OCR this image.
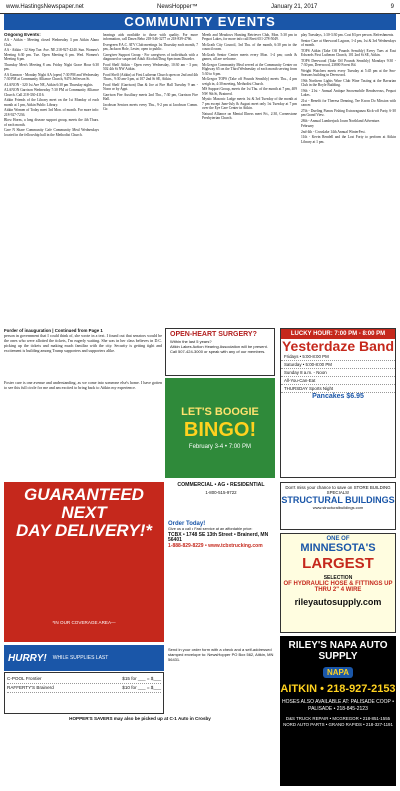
www.HastingsNewspaper.net	NewsHopper™	January 21, 2017	9
COMMUNITY EVENTS
Ongoing Events:

AA - Aitkin - Meeting closed Wednesday 3 pm Aitkin Alano Club.

AA - Aitkin - 12 Step Tue. Ave. NE 218-927-4240. Sun. Women's Meeting 6:30 pm. Tue. Open Meeting 6 pm. Wed. Women's Meeting 6 pm.

Thursday Men's Meeting 8 am. Friday Night Grace Hour 6:30 pm.

AA Gamson - Monday Night AA (open) 7:30 PM and Wednesday 7:30 PM at Community Alliance Church, 9476 Jefferson St.

ALANON - 320 1st Ave NE, Aitkin 6:30 pm Thursday nights.

ALANON Garrison Wednesday 7:30 PM at Community Alliance Church. Call 218-330-4116.

Aitkin Friends of the Library meet on the 1st Monday of each month at 1 pm, Aitkin Public Library.

Aitkin Women of Today meet 3rd Mon. of month. For more info: 218-927-7236.

Blow Horns, a long disease support group, meets the 4th Thurs. of each month.

Care N Share Community Cafe Community Meal Wednesdays located in the fellowship hall in the Methodist Church.

hearings aids available to those with quality. For more information, call Dawn Bebo 218-546-3277 or 218-839-4766.

Evergreen P.A.C. ATV Club meetings 1st Thursday each month, 7 pm, Jackson Hole, Lester, open to public.

Caregiver Support Group - For caregivers of individuals with a diagnosed or suspected Adult Alcohol/Drug Spectrum Disorder.

Food Shelf Aitkin - Open every Wednesday, 10:30 am - 3 pm; 502 4th St NW Aitkin.

Food Shelf (Aitkin) at First Lutheran Church open on 2nd and 4th Thurs., 9:30 am-3 pm, at 107 2nd St SE, Aitkin.

Food Shelf (Garrison) Dan & Joe at Fire Hall Tuesday 9 am - Noon or by Appt.

Garrison Fire Auxiliary meets 2nd Thu., 7:30 pm, Garrison Fire Hall.

Jacobson Seniors meets every Thu., 9-2 pm at Jacobson Comm. Ctr.

Meeth and Meadows Hunting Retriever Club, Mon. 5:30 pm in Pequot Lakes, for more info call Brett 651-278-5049.

McGrath City Council, 3rd Thu. of the month, 6:30 pm in the council room.

McGrath Senior Center meets every Mon. 1-4 pm; cards & games, all are welcome.

McGregor Community Meal served at the Community Center on Highway 65 on the Third Wednesday of each month serving from 5:30 to 6 pm.

McGregor TOPS (Take off Pounds Sensibly) meets Thu., 4 pm weigh in, 4:30 meeting, Methodist Church.

MS Support Group, meets the 1st Thu. of the month at 7 pm, 409 NW 9th St, Brainerd.

Mystic Masonic Lodge meets 1st & 3rd Tuesday of the month at 7 pm except June-July & August meet only 1st Tuesday at 7 pm over the Eye Care Center in Aitkin.

Natural Alliance on Mental Illness meet Fri., 2:30, Cornerstone Presbyterian Church.

play Tuesdays, 1:30-3:30 pm. Cost $3 per person. Refreshments.

Senior Care at Sherwood Lagoon, 1-4 pm, 1st & 3rd Wednesdays of month.

TOPS Aitkin (Take Off Pounds Sensibly) Every Tues at East Edwards First Lutheran Church, 101 2nd St SE, Aitkin.

TOPS Deerwood (Take Off Pounds Sensibly) Mondays 9:30 - 7:30 pm, Deerwood, 23800 Forest Rd.

Weight Watchers meets every Tuesday at 5:45 pm at the Sno-Seasons building in Deerwood.

19th Northern Lights Wine Club Wine Tasting at the Bavarian Club in the Boyle Building.

19th - 21st - Annual Antique Snowmobile Rendezvous, Pequot Lakes.

21st - Benefit for Theresa Denning, Tee Kwon Do Mission with cancer.

27th - Dueling Pianos Fishing Extravaganza Kick-off Party, 6-30 pm Grand View.

28th - Annual Lumberjack Journ Northland Adventure.

February

2nd-4th - Crosslake 14th Annual WinterFest.

11th - Kevin Rendell and the Lost Forty to perform at Aitkin Library at 1 pm.

Forder of inauguration | Continued from Page 1

person in government that I could think of, she wrote in a text. I found out that senators would be the ones who were allotted the tickets, I'm eagerly waiting. She was in her class believes in D.C. picking up the tickets and making much familiar with the city. Security is getting tight and excitement is building among Trump supporters and supporters alike.

Foster care is one avenue and understanding, as we come into someone else's home. I have gotten to see this full circle for me and am excited to bring back to Aitkin my experience.

OPEN-HEART SURGERY?
Within the last 5 years?
Aitkin Lakes Action Hearing Association will be present. Call 507-424-3000 or speak with any of our members.
LET'S BOOGIE
BINGO!
February 3-4 • 7:00 PM
LUCKY HOUR: 7:00 PM - 8:00 PM
Yesterdaze Band
Fridays • 5:00-8:00 PM
Saturday • 5:00-8:00 PM
Sunday 8 a.m. - Noon
All-You-Can-Eat
THURSDAY Sports Night
Pancakes $6.95
GUARANTEED NEXT
DAY DELIVERY!*
*IN OUR COVERAGE AREA—
COMMERCIAL • AG • RESIDENTIAL
1-800-515-9722
Order Today!

Give us a call • Fast service at an affordable price:

TCBX • 1748 SE 13th Street • Brainerd, MN 56401

1-888-829-8229 • www.tcbxtrucking.com

Don't miss your chance to save on STORE BUILDING SPECIALS!
STRUCTURAL BUILDINGS
www.structuralbuildings.com
ONE OF
MINNESOTA'S
LARGEST
SELECTION
OF HYDRAULIC HOSE & FITTINGS UP THRU 2" 4 WIRE
rileyautosupply.com
HURRY! WHILE SUPPLIES LAST
C-POOL Frontier	$15 for ___ = $___
RAFFERTY'S Brainerd	$10 for ___ = $___

Send in your order form with a check and a self-addressed stamped envelope to: NewsHopper PO Box 562, Aitkin, MN 56431.

HOPPER'S SAVERS may also be picked up at C-1 Auto in Crosby
RILEY'S NAPA AUTO SUPPLY
NAPA
AITKIN • 218-927-2153
HOSES ALSO AVAILABLE AT: PALISADE COOP • PALISADE • 218-845-2123
D&S TRUCK REPAIR • MCGREGOR • 218-851-1555 NORD AUTO PARTS • GRAND RAPIDS • 218-327-1191
